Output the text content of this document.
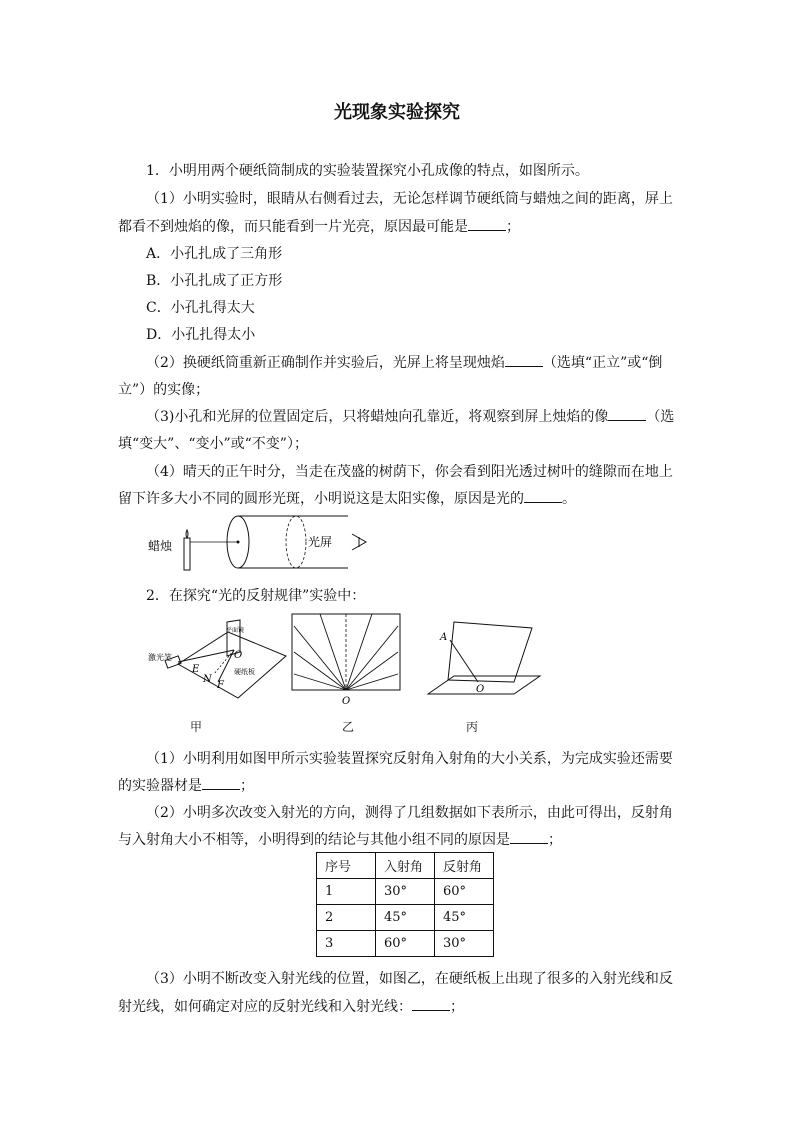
光现象实验探究
1．小明用两个硬纸筒制成的实验装置探究小孔成像的特点，如图所示。
（1）小明实验时，眼睛从右侧看过去，无论怎样调节硬纸筒与蜡烛之间的距离，屏上
都看不到烛焰的像，而只能看到一片光亮，原因最可能是	；
A．小孔扎成了三角形
B．小孔扎成了正方形
C．小孔扎得太大
D．小孔扎得太小
（2）换硬纸筒重新正确制作并实验后，光屏上将呈现烛焰	（选填“正立”或“倒
立”）的实像；
（3)小孔和光屏的位置固定后，只将蜡烛向孔靠近，将观察到屏上烛焰的像	（选
填“变大”、“变小”或“不变”）；
（4）晴天的正午时分，当走在茂盛的树荫下，你会看到阳光透过树叶的缝隙而在地上
留下许多大小不同的圆形光斑，小明说这是太阳实像，原因是光的	。
蜡烛	光屏
2．在探究“光的反射规律”实验中：
激光笔
平面镜
硬纸板
E
N
F
O
O
A
O
甲	乙	丙
（1）小明利用如图甲所示实验装置探究反射角入射角的大小关系，为完成实验还需要
的实验器材是	；
（2）小明多次改变入射光的方向，测得了几组数据如下表所示，由此可得出，反射角
与入射角大小不相等，小明得到的结论与其他小组不同的原因是	；
序号	入射角	反射角
1	30°	60°
2	45°	45°
3	60°	30°
（3）小明不断改变入射光线的位置，如图乙，在硬纸板上出现了很多的入射光线和反
射光线，如何确定对应的反射光线和入射光线：	；
